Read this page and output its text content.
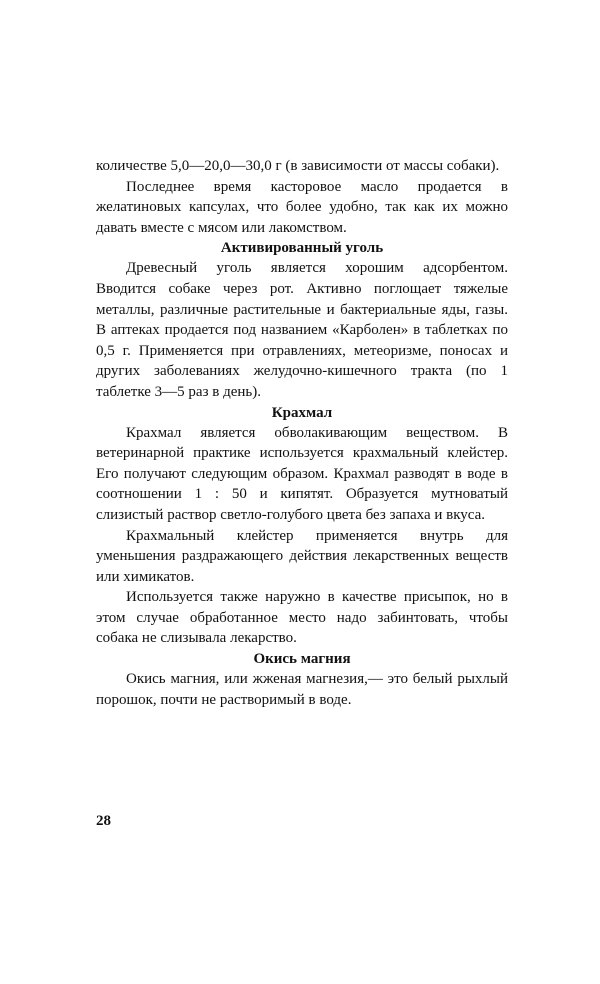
количестве 5,0—20,0—30,0 г (в зависимости от массы собаки).

Последнее время касторовое масло продается в желатиновых капсулах, что более удобно, так как их можно давать вместе с мясом или лакомством.

Активированный уголь

Древесный уголь является хорошим адсорбентом. Вводится собаке через рот. Активно поглощает тяжелые металлы, различные растительные и бактериальные яды, газы. В аптеках продается под названием «Карболен» в таблетках по 0,5 г. Применяется при отравлениях, метеоризме, поносах и других заболеваниях желудочно-кишечного тракта (по 1 таблетке 3—5 раз в день).

Крахмал

Крахмал является обволакивающим веществом. В ветеринарной практике используется крахмальный клейстер. Его получают следующим образом. Крахмал разводят в воде в соотношении 1 : 50 и кипятят. Образуется мутноватый слизистый раствор светло-голубого цвета без запаха и вкуса.

Крахмальный клейстер применяется внутрь для уменьшения раздражающего действия лекарственных веществ или химикатов.

Используется также наружно в качестве присыпок, но в этом случае обработанное место надо забинтовать, чтобы собака не слизывала лекарство.

Окись магния

Окись магния, или жженая магнезия,— это белый рыхлый порошок, почти не растворимый в воде.

28
